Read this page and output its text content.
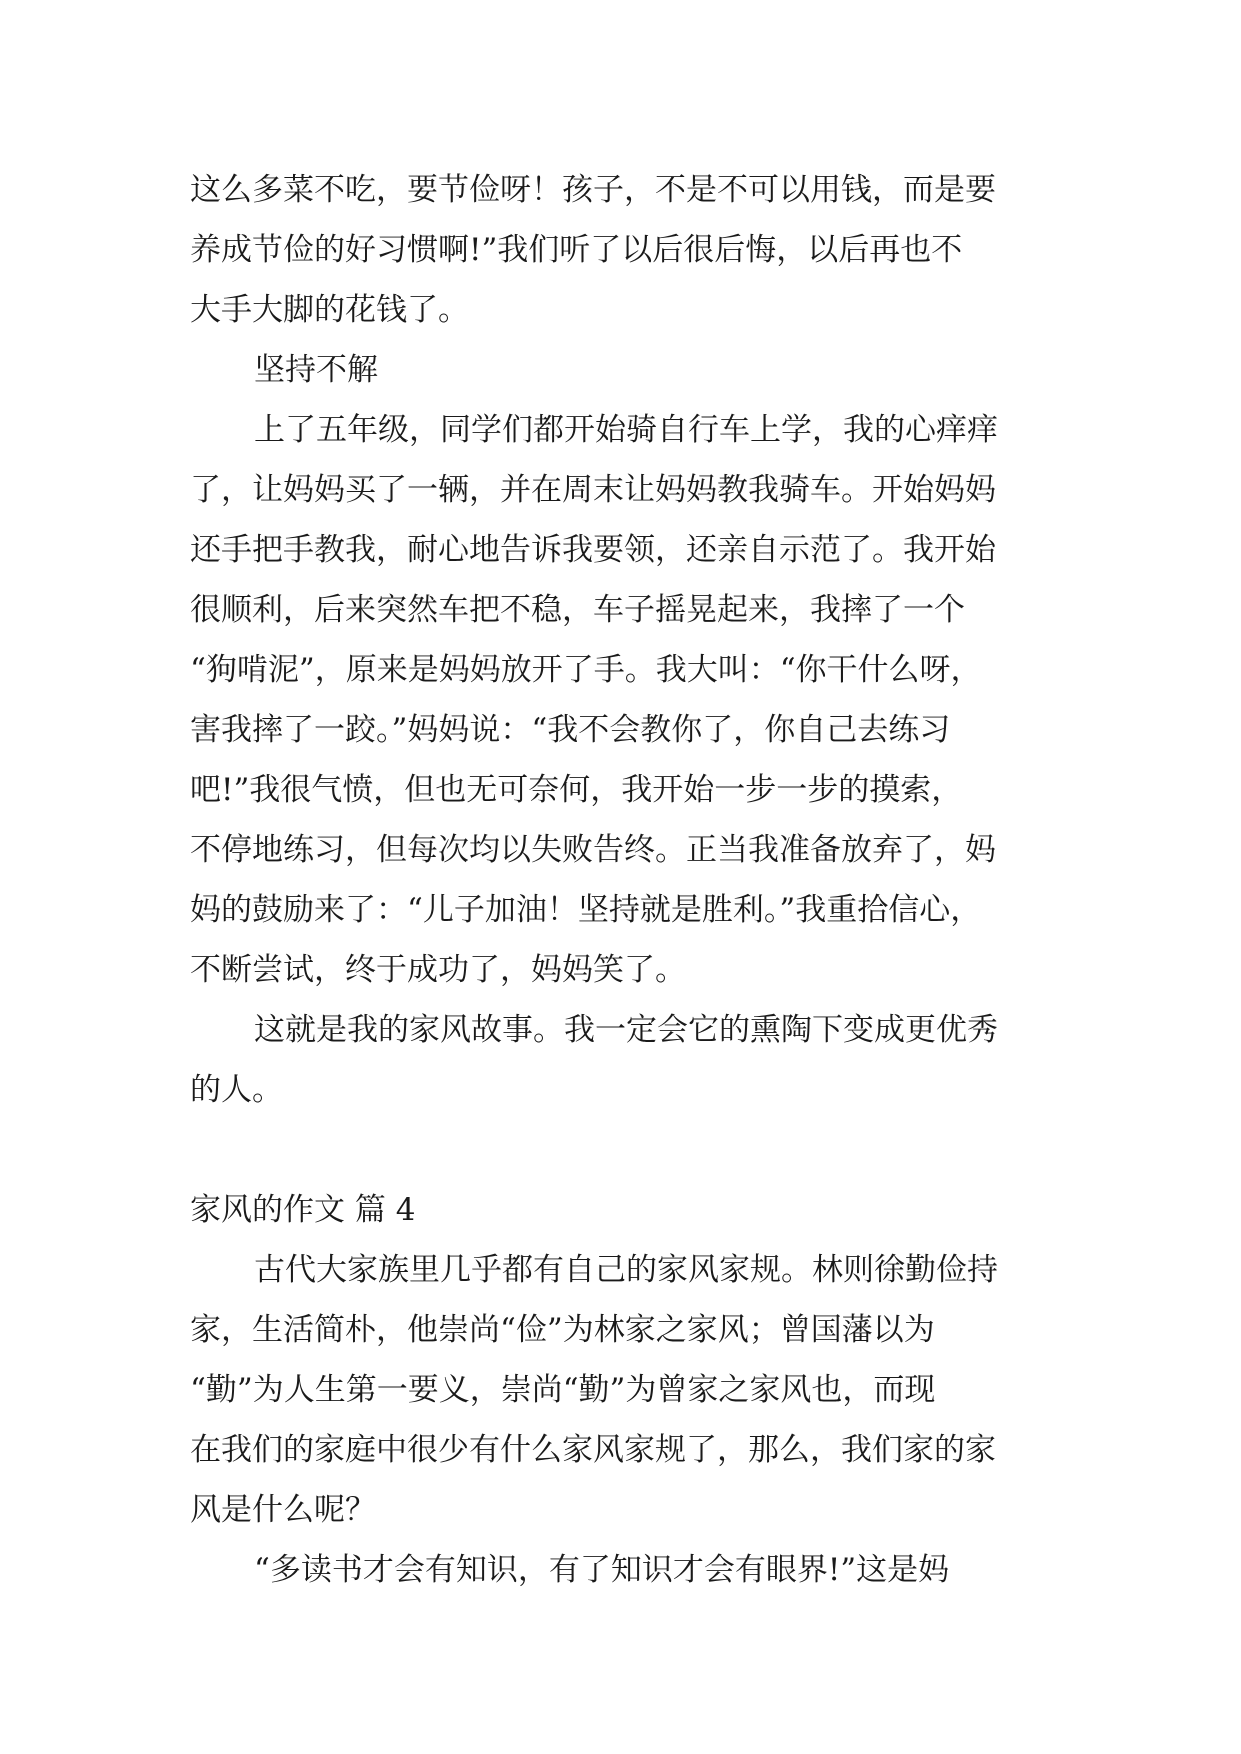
这么多菜不吃，要节俭呀！孩子，不是不可以用钱，而是要
养成节俭的好习惯啊!”我们听了以后很后悔，以后再也不
大手大脚的花钱了。
坚持不解
上了五年级，同学们都开始骑自行车上学，我的心痒痒
了，让妈妈买了一辆，并在周末让妈妈教我骑车。开始妈妈
还手把手教我，耐心地告诉我要领，还亲自示范了。我开始
很顺利，后来突然车把不稳，车子摇晃起来，我摔了一个
“狗啃泥”，原来是妈妈放开了手。我大叫：“你干什么呀，
害我摔了一跤。”妈妈说：“我不会教你了，你自己去练习
吧!”我很气愤，但也无可奈何，我开始一步一步的摸索，
不停地练习，但每次均以失败告终。正当我准备放弃了，妈
妈的鼓励来了：“儿子加油！坚持就是胜利。”我重拾信心，
不断尝试，终于成功了，妈妈笑了。
这就是我的家风故事。我一定会它的熏陶下变成更优秀
的人。
家风的作文 篇 4
古代大家族里几乎都有自己的家风家规。林则徐勤俭持
家，生活简朴，他崇尚“俭”为林家之家风；曾国藩以为
“勤”为人生第一要义，崇尚“勤”为曾家之家风也，而现
在我们的家庭中很少有什么家风家规了，那么，我们家的家
风是什么呢？
“多读书才会有知识，有了知识才会有眼界!”这是妈
